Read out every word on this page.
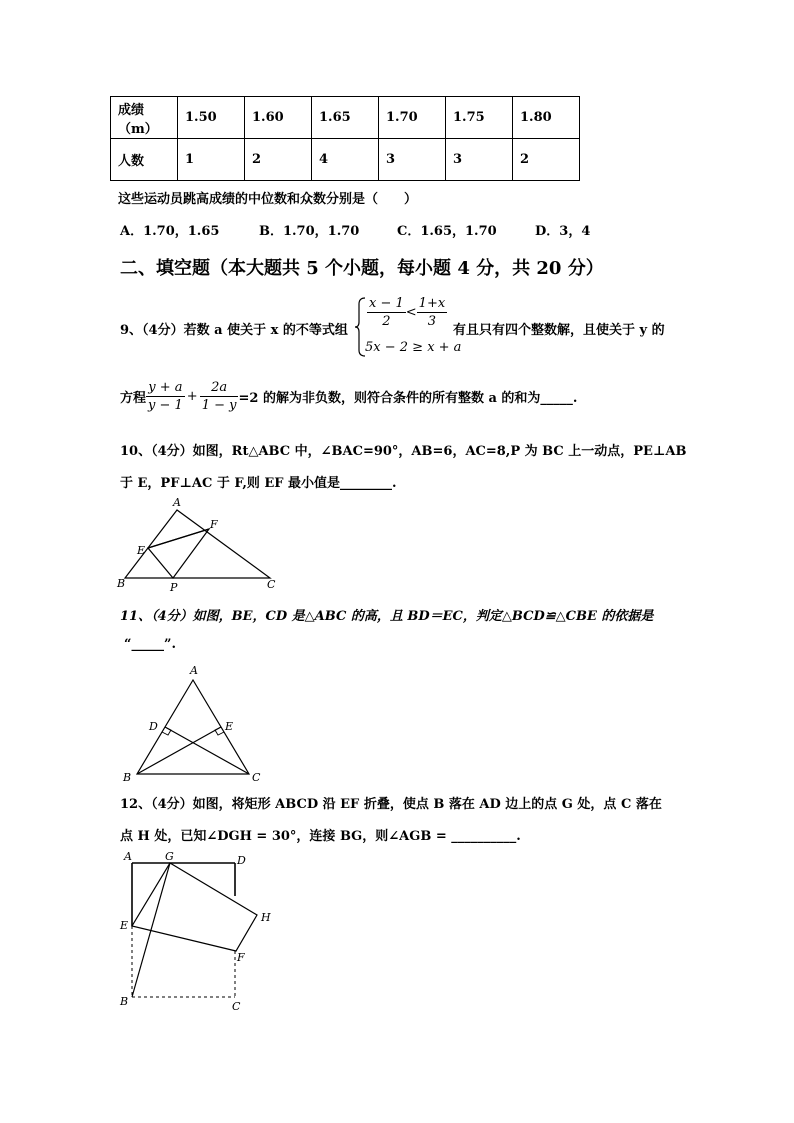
成绩（m）	1.50	1.60	1.65	1.70	1.75	1.80
人数	1	2	4	3	3	2
这些运动员跳高成绩的中位数和众数分别是（　　）
A．1.70，1.65	B．1.70，1.70	C．1.65，1.70	D．3，4
二、填空题（本大题共 5 个小题，每小题 4 分，共 20 分）
9、（4分）若数 a 使关于 x 的不等式组
$\frac{x - 1}{2} < \frac{1+x}{3}$
5x − 2 ≥ x + a
有且只有四个整数解，且使关于 y 的
方程 $\frac{y + a}{y - 1} + \frac{2a}{1 - y} =2$ 的解为非负数，则符合条件的所有整数 a 的和为_____.
10、（4分）如图，Rt△ABC 中，∠BAC=90°，AB=6，AC=8,P 为 BC 上一动点，PE⊥AB
于 E，PF⊥AC 于 F,则 EF 最小值是________.
A
B	C
E
F
P
11、（4分）如图，BE，CD 是△ABC 的高，且 BD＝EC，判定△BCD≌△CBE 的依据是
“_____”.
A
B	C
D	E
12、（4分）如图，将矩形 ABCD 沿 EF 折叠，使点 B 落在 AD 边上的点 G 处，点 C 落在
点 H 处，已知∠DGH = 30°，连接 BG，则∠AGB = __________.
A	G	D
E
H
F
B	C
